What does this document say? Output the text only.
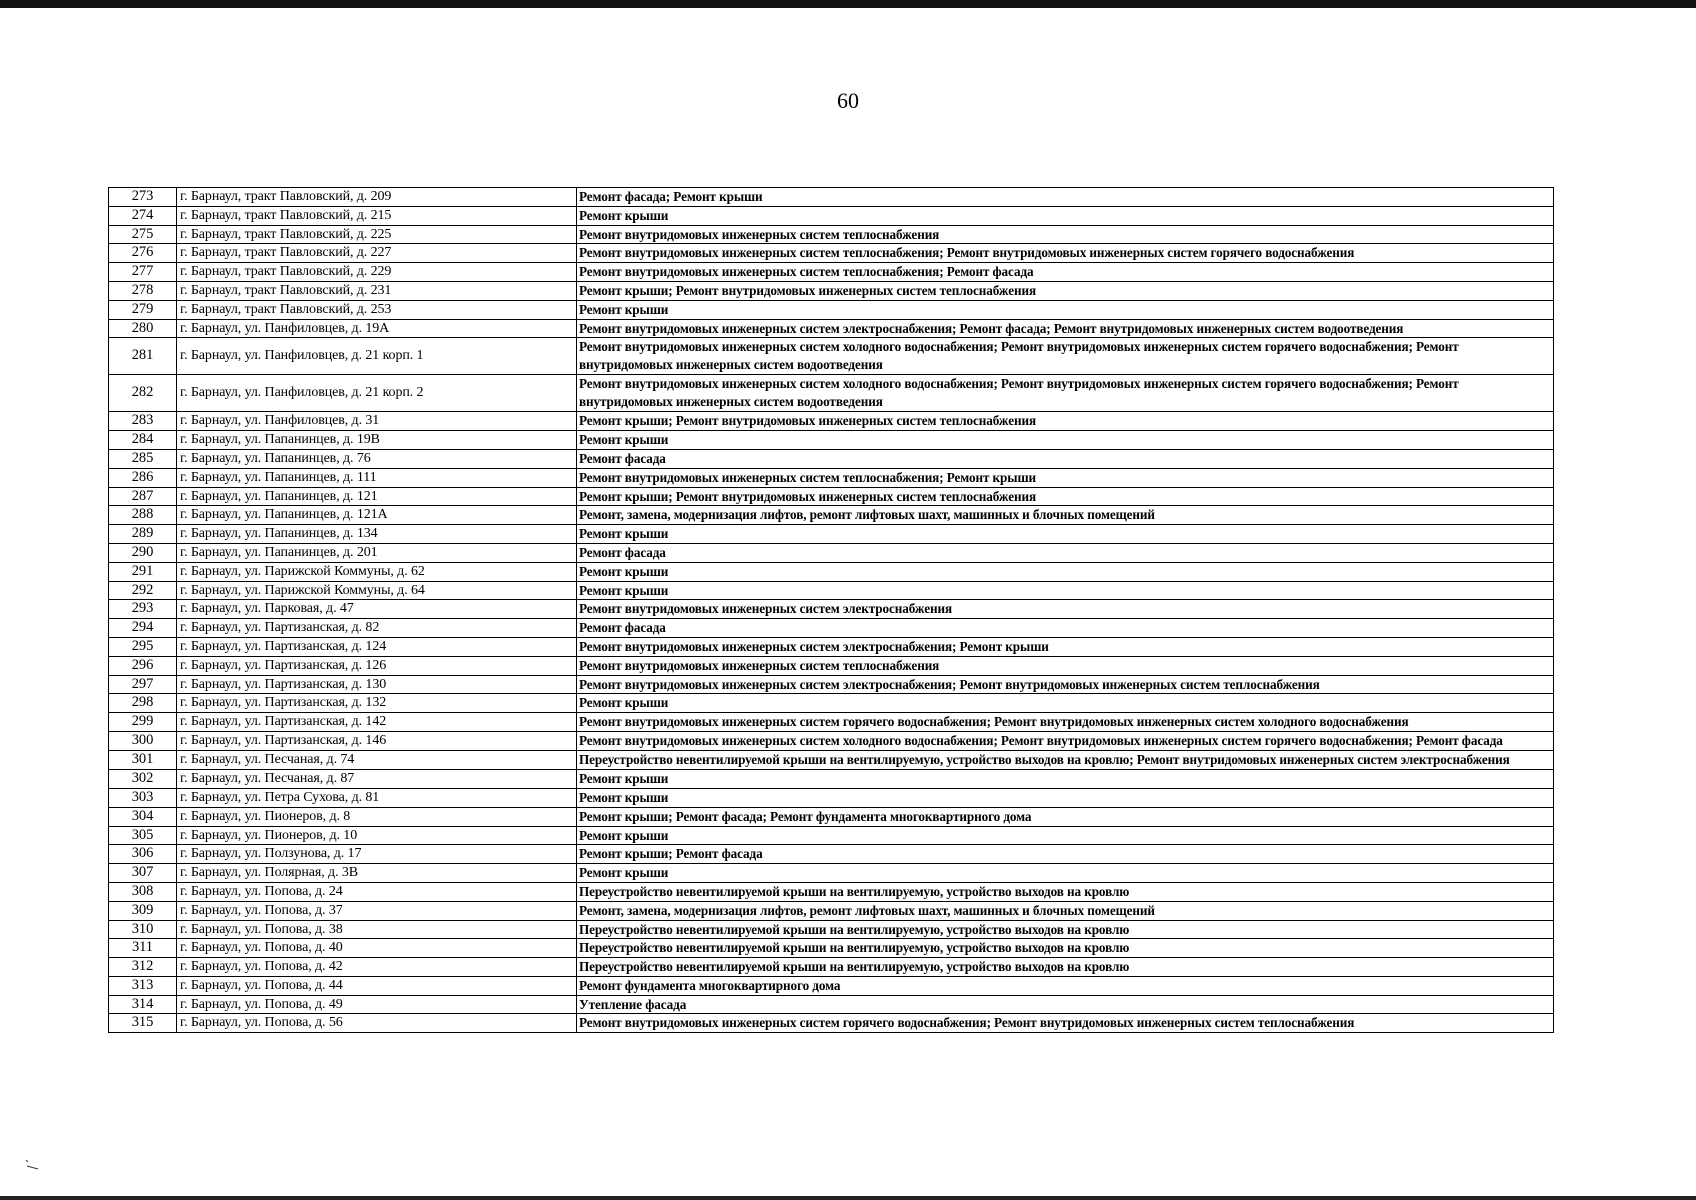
60
273	г. Барнаул, тракт Павловский, д. 209	Ремонт фасада; Ремонт крыши
274	г. Барнаул, тракт Павловский, д. 215	Ремонт крыши
275	г. Барнаул, тракт Павловский, д. 225	Ремонт внутридомовых инженерных систем теплоснабжения
276	г. Барнаул, тракт Павловский, д. 227	Ремонт внутридомовых инженерных систем теплоснабжения; Ремонт внутридомовых инженерных систем горячего водоснабжения
277	г. Барнаул, тракт Павловский, д. 229	Ремонт внутридомовых инженерных систем теплоснабжения; Ремонт фасада
278	г. Барнаул, тракт Павловский, д. 231	Ремонт крыши; Ремонт внутридомовых инженерных систем теплоснабжения
279	г. Барнаул, тракт Павловский, д. 253	Ремонт крыши
280	г. Барнаул, ул. Панфиловцев, д. 19А	Ремонт внутридомовых инженерных систем электроснабжения; Ремонт фасада; Ремонт внутридомовых инженерных систем водоотведения
281	г. Барнаул, ул. Панфиловцев, д. 21 корп. 1	Ремонт внутридомовых инженерных систем холодного водоснабжения; Ремонт внутридомовых инженерных систем горячего водоснабжения; Ремонт внутридомовых инженерных систем водоотведения
282	г. Барнаул, ул. Панфиловцев, д. 21 корп. 2	Ремонт внутридомовых инженерных систем холодного водоснабжения; Ремонт внутридомовых инженерных систем горячего водоснабжения; Ремонт внутридомовых инженерных систем водоотведения
283	г. Барнаул, ул. Панфиловцев, д. 31	Ремонт крыши; Ремонт внутридомовых инженерных систем теплоснабжения
284	г. Барнаул, ул. Папанинцев, д. 19В	Ремонт крыши
285	г. Барнаул, ул. Папанинцев, д. 76	Ремонт фасада
286	г. Барнаул, ул. Папанинцев, д. 111	Ремонт внутридомовых инженерных систем теплоснабжения; Ремонт крыши
287	г. Барнаул, ул. Папанинцев, д. 121	Ремонт крыши; Ремонт внутридомовых инженерных систем теплоснабжения
288	г. Барнаул, ул. Папанинцев, д. 121А	Ремонт, замена, модернизация лифтов, ремонт лифтовых шахт, машинных и блочных помещений
289	г. Барнаул, ул. Папанинцев, д. 134	Ремонт крыши
290	г. Барнаул, ул. Папанинцев, д. 201	Ремонт фасада
291	г. Барнаул, ул. Парижской Коммуны, д. 62	Ремонт крыши
292	г. Барнаул, ул. Парижской Коммуны, д. 64	Ремонт крыши
293	г. Барнаул, ул. Парковая, д. 47	Ремонт внутридомовых инженерных систем электроснабжения
294	г. Барнаул, ул. Партизанская, д. 82	Ремонт фасада
295	г. Барнаул, ул. Партизанская, д. 124	Ремонт внутридомовых инженерных систем электроснабжения; Ремонт крыши
296	г. Барнаул, ул. Партизанская, д. 126	Ремонт внутридомовых инженерных систем теплоснабжения
297	г. Барнаул, ул. Партизанская, д. 130	Ремонт внутридомовых инженерных систем электроснабжения; Ремонт внутридомовых инженерных систем теплоснабжения
298	г. Барнаул, ул. Партизанская, д. 132	Ремонт крыши
299	г. Барнаул, ул. Партизанская, д. 142	Ремонт внутридомовых инженерных систем горячего водоснабжения; Ремонт внутридомовых инженерных систем холодного водоснабжения
300	г. Барнаул, ул. Партизанская, д. 146	Ремонт внутридомовых инженерных систем холодного водоснабжения; Ремонт внутридомовых инженерных систем горячего водоснабжения; Ремонт фасада
301	г. Барнаул, ул. Песчаная, д. 74	Переустройство невентилируемой крыши на вентилируемую, устройство выходов на кровлю; Ремонт внутридомовых инженерных систем электроснабжения
302	г. Барнаул, ул. Песчаная, д. 87	Ремонт крыши
303	г. Барнаул, ул. Петра Сухова, д. 81	Ремонт крыши
304	г. Барнаул, ул. Пионеров, д. 8	Ремонт крыши; Ремонт фасада; Ремонт фундамента многоквартирного дома
305	г. Барнаул, ул. Пионеров, д. 10	Ремонт крыши
306	г. Барнаул, ул. Ползунова, д. 17	Ремонт крыши; Ремонт фасада
307	г. Барнаул, ул. Полярная, д. 3В	Ремонт крыши
308	г. Барнаул, ул. Попова, д. 24	Переустройство невентилируемой крыши на вентилируемую, устройство выходов на кровлю
309	г. Барнаул, ул. Попова, д. 37	Ремонт, замена, модернизация лифтов, ремонт лифтовых шахт, машинных и блочных помещений
310	г. Барнаул, ул. Попова, д. 38	Переустройство невентилируемой крыши на вентилируемую, устройство выходов на кровлю
311	г. Барнаул, ул. Попова, д. 40	Переустройство невентилируемой крыши на вентилируемую, устройство выходов на кровлю
312	г. Барнаул, ул. Попова, д. 42	Переустройство невентилируемой крыши на вентилируемую, устройство выходов на кровлю
313	г. Барнаул, ул. Попова, д. 44	Ремонт фундамента многоквартирного дома
314	г. Барнаул, ул. Попова, д. 49	Утепление фасада
315	г. Барнаул, ул. Попова, д. 56	Ремонт внутридомовых инженерных систем горячего водоснабжения; Ремонт внутридомовых инженерных систем теплоснабжения
